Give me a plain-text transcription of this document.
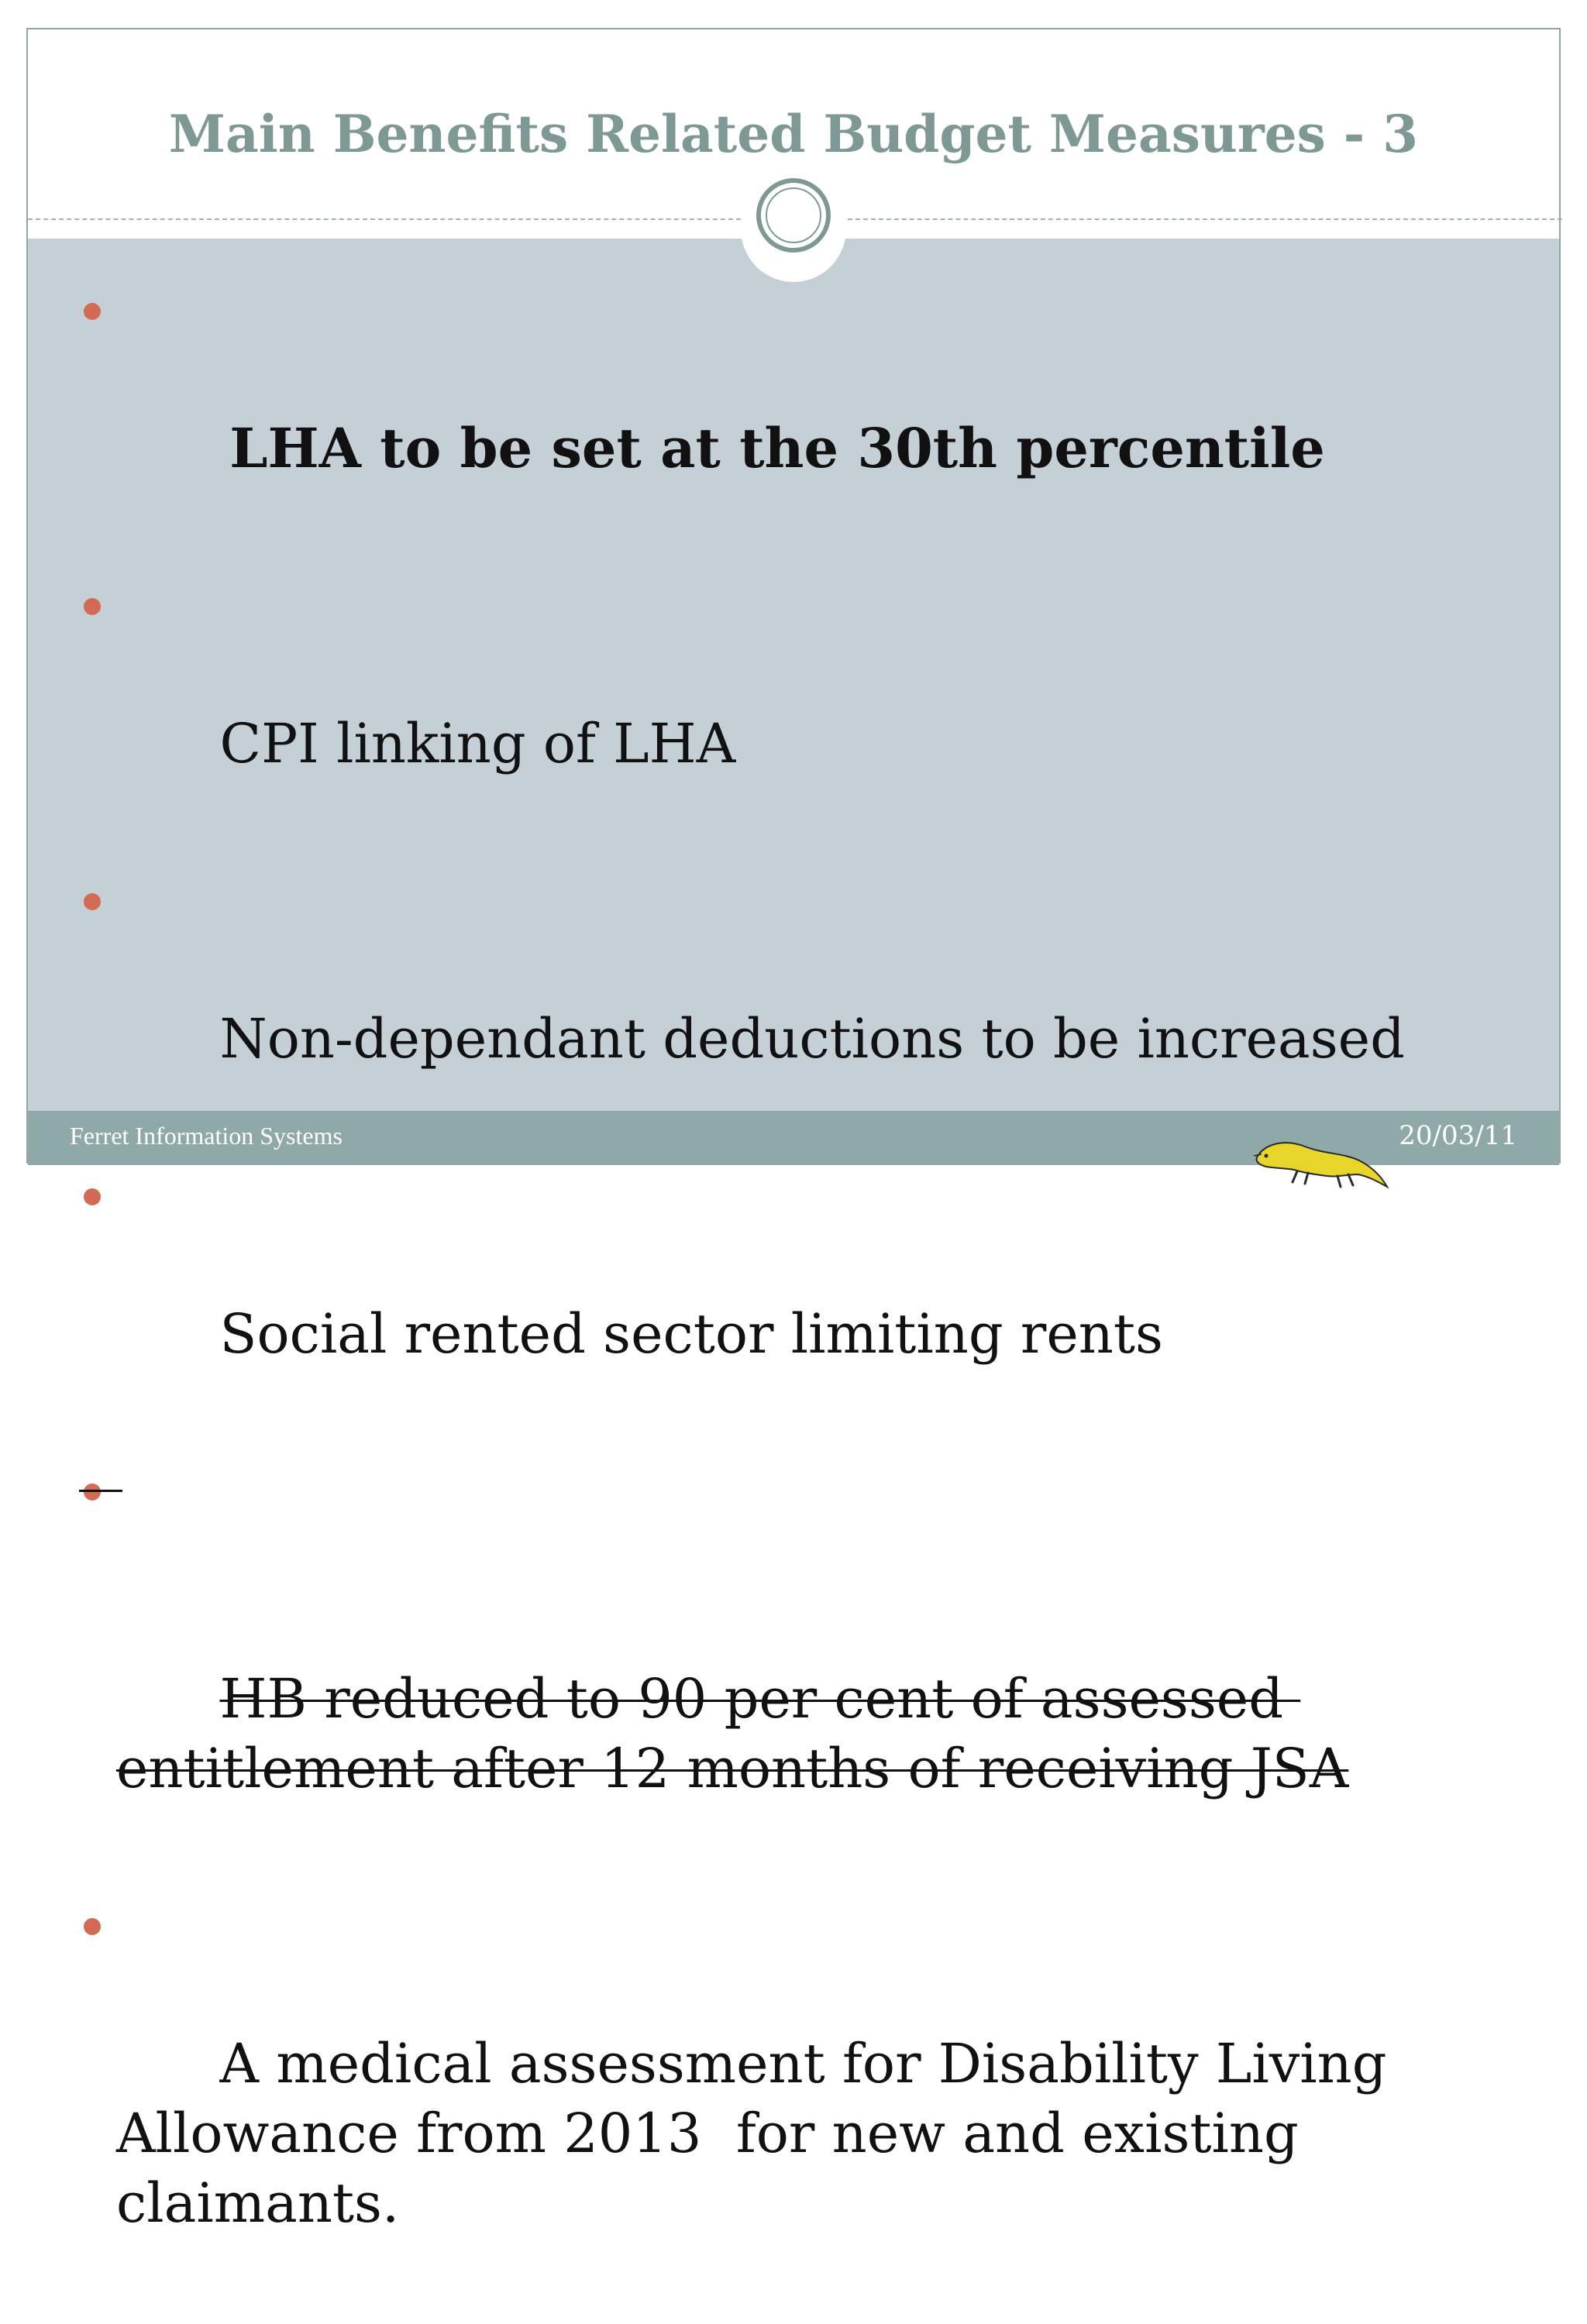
Main Benefits Related Budget Measures - 3

LHA to be set at the 30th percentile

CPI linking of LHA

Non-dependant deductions to be increased

Social rented sector limiting rents

HB reduced to 90 per cent of assessed entitlement after 12 months of receiving JSA

A medical assessment for Disability Living Allowance from 2013  for new and existing claimants.

Ferret Information Systems	20/03/11
